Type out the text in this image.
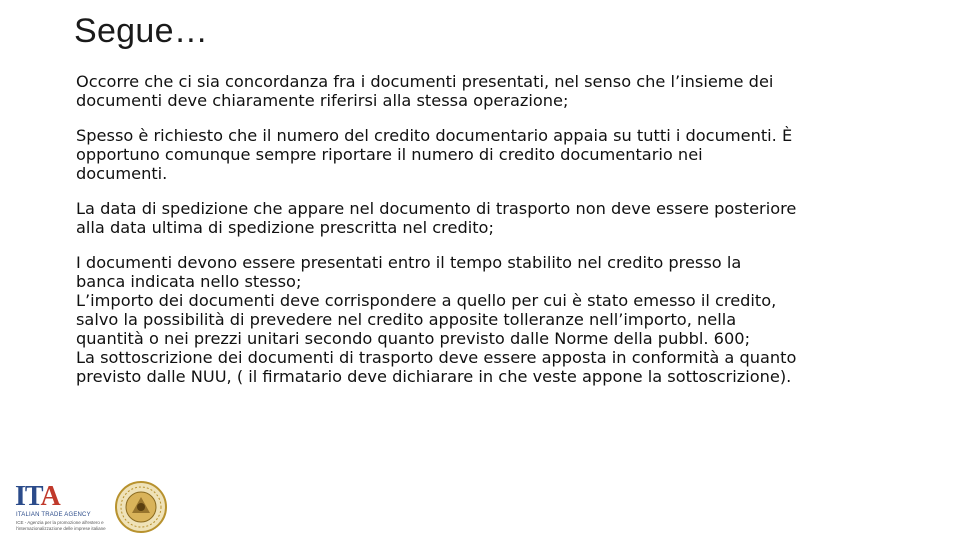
Segue…

Occorre che ci sia concordanza fra i documenti presentati, nel senso che l’insieme dei
documenti deve chiaramente riferirsi alla stessa operazione;

Spesso è richiesto che il numero del credito documentario appaia su tutti i documenti. È
opportuno comunque sempre riportare il numero di credito documentario nei
documenti.

La data di spedizione che appare nel documento di trasporto non deve essere posteriore
alla data ultima di spedizione prescritta nel credito;

I documenti devono essere presentati entro il tempo stabilito nel credito presso la
banca indicata nello stesso;
L’importo dei documenti deve corrispondere a quello per cui è stato emesso il credito,
salvo la possibilità di prevedere nel credito apposite tolleranze nell’importo, nella
quantità o nei prezzi unitari secondo quanto previsto dalle Norme della pubbl. 600;
La sottoscrizione dei documenti di trasporto deve essere apposta in conformità a quanto
previsto dalle NUU, ( il firmatario deve dichiarare in che veste appone la sottoscrizione).

ITA
ITALIAN TRADE AGENCY
ICE - Agenzia per la promozione all'estero e l'internazionalizzazione delle imprese italiane
